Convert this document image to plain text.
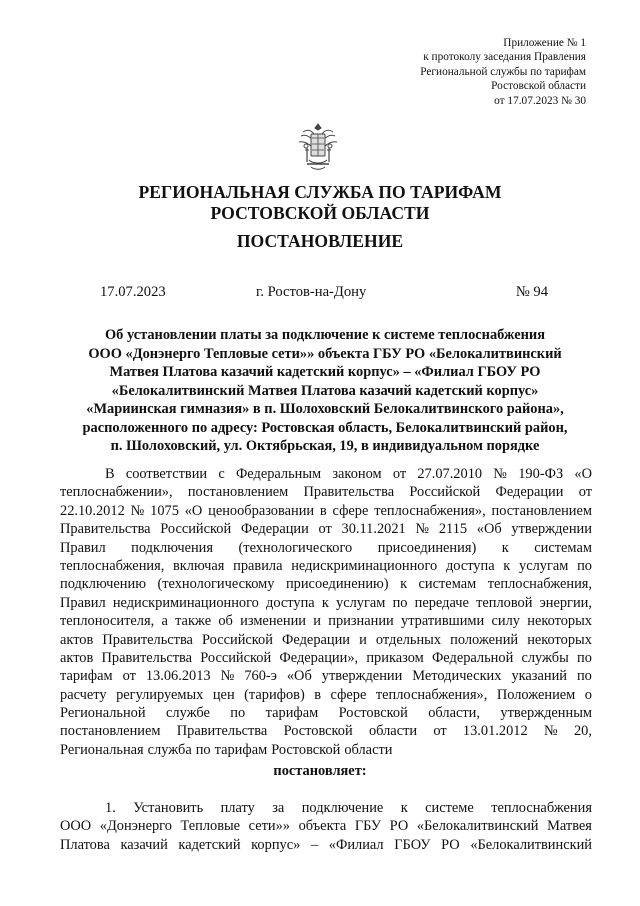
Приложение № 1
к протоколу заседания Правления
Региональной службы по тарифам
Ростовской области
от 17.07.2023 № 30
РЕГИОНАЛЬНАЯ СЛУЖБА ПО ТАРИФАМ
РОСТОВСКОЙ ОБЛАСТИ
ПОСТАНОВЛЕНИЕ
17.07.2023	г. Ростов-на-Дону	№ 94
Об установлении платы за подключение к системе теплоснабжения
ООО «Донэнерго Тепловые сети»» объекта ГБУ РО «Белокалитвинский
Матвея Платова казачий кадетский корпус» – «Филиал ГБОУ РО
«Белокалитвинский Матвея Платова казачий кадетский корпус»
«Мариинская гимназия» в п. Шолоховский Белокалитвинского района»,
расположенного по адресу: Ростовская область, Белокалитвинский район,
п. Шолоховский, ул. Октябрьская, 19, в индивидуальном порядке
В соответствии с Федеральным законом от 27.07.2010 № 190-ФЗ «О
теплоснабжении», постановлением Правительства Российской Федерации от
22.10.2012 № 1075 «О ценообразовании в сфере теплоснабжения», постановлением
Правительства Российской Федерации от 30.11.2021 № 2115 «Об утверждении
Правил подключения (технологического присоединения) к системам
теплоснабжения, включая правила недискриминационного доступа к услугам по
подключению (технологическому присоединению) к системам теплоснабжения,
Правил недискриминационного доступа к услугам по передаче тепловой энергии,
теплоносителя, а также об изменении и признании утратившими силу некоторых
актов Правительства Российской Федерации и отдельных положений некоторых
актов Правительства Российской Федерации», приказом Федеральной службы по
тарифам от 13.06.2013 № 760-э «Об утверждении Методических указаний по
расчету регулируемых цен (тарифов) в сфере теплоснабжения», Положением о
Региональной службе по тарифам Ростовской области, утвержденным
постановлением Правительства Ростовской области от 13.01.2012 № 20,
Региональная служба по тарифам Ростовской области
постановляет:
1. Установить плату за подключение к системе теплоснабжения
ООО «Донэнерго Тепловые сети»» объекта ГБУ РО «Белокалитвинский Матвея
Платова казачий кадетский корпус» – «Филиал ГБОУ РО «Белокалитвинский
